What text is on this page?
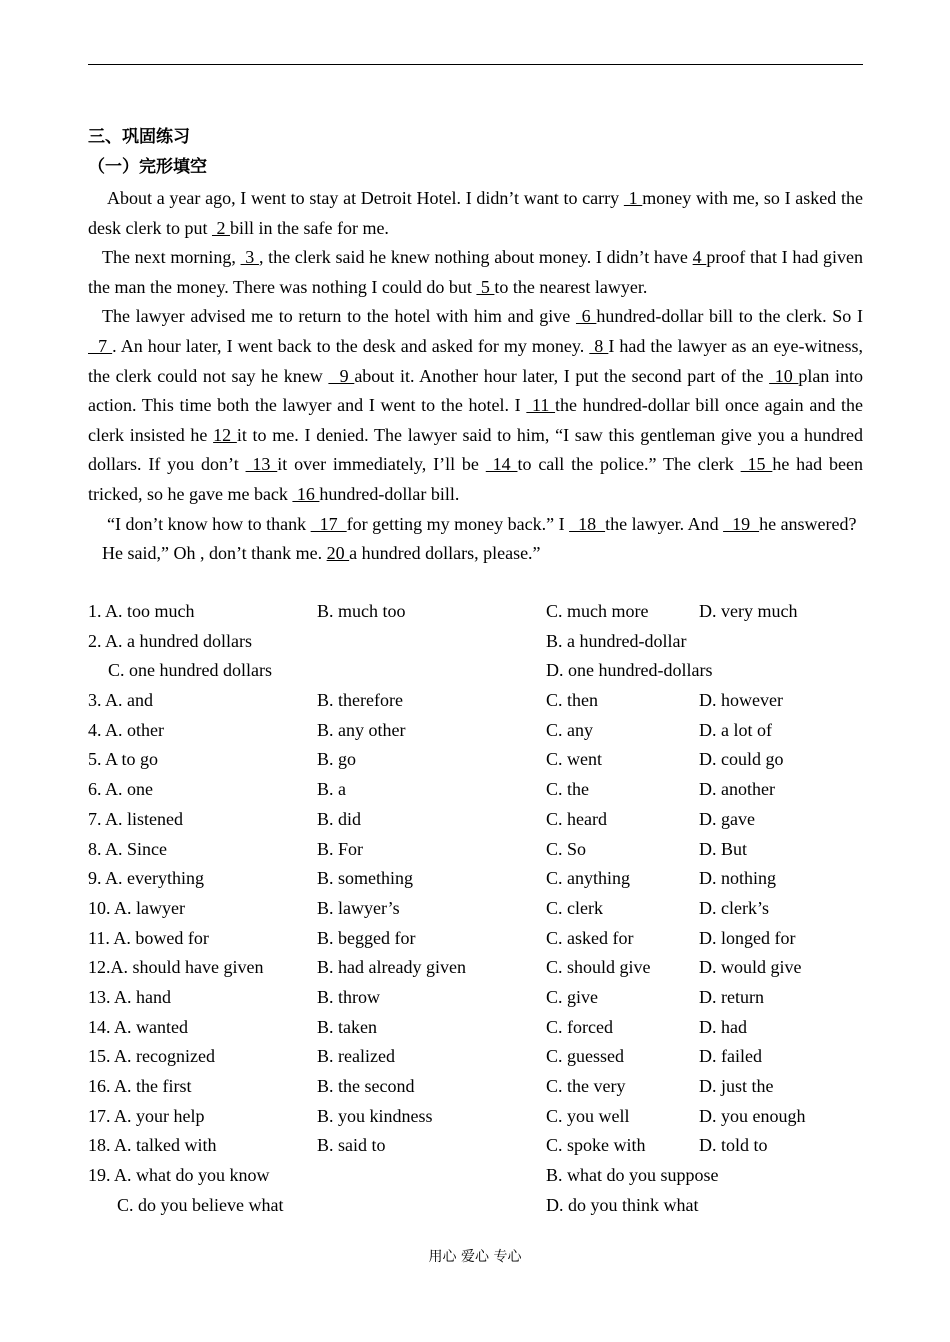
三、巩固练习
（一）完形填空

About a year ago, I went to stay at Detroit Hotel. I didn’t want to carry  1 money with me, so I asked the desk clerk to put  2 bill in the safe for me.

The next morning,  3 , the clerk said he knew nothing about money. I didn’t have 4 proof that I had given the man the money. There was nothing I could do but  5 to the nearest lawyer.

The lawyer advised me to return to the hotel with him and give  6 hundred-dollar bill to the clerk. So I   7 . An hour later, I went back to the desk and asked for my money.  8 I had the lawyer as an eye-witness, the clerk could not say he knew   9 about it. Another hour later, I put the second part of the  10 plan into action. This time both the lawyer and I went to the hotel. I  11 the hundred-dollar bill once again and the clerk insisted he 12 it to me. I denied. The lawyer said to him, “I saw this gentleman give you a hundred dollars. If you don’t  13 it over immediately, I’ll be  14 to call the police.” The clerk  15 he had been tricked, so he gave me back  16 hundred-dollar bill.

“I don’t know how to thank   17  for getting my money back.” I   18  the lawyer. And   19  he answered?

He said,” Oh , don’t thank me. 20 a hundred dollars, please.”

1. A. too much	B. much too	C. much more	D. very much
2. A. a hundred dollars	B. a hundred-dollar
C. one hundred dollars	D. one hundred-dollars
3. A. and	B. therefore	C. then	D. however
4. A. other	B. any other	C. any	D. a lot of
5. A to go	B. go	C. went	D. could go
6. A. one	B. a	C. the	D. another
7. A. listened	B. did	C. heard	D. gave
8. A. Since	B. For	C. So	D. But
9. A. everything	B. something	C. anything	D. nothing
10. A. lawyer	B. lawyer’s	C. clerk	D. clerk’s
11. A. bowed for	B. begged for	C. asked for	D. longed for
12.A. should have given	B. had already given	C. should give	D. would give
13. A. hand	B. throw	C. give	D. return
14. A. wanted	B. taken	C. forced	D. had
15. A. recognized	B. realized	C. guessed	D. failed
16. A. the first	B. the second	C. the very	D. just the
17. A. your help	B. you kindness	C. you well	D. you enough
18. A. talked with	B. said to	C. spoke with	D. told to
19. A. what do you know	B. what do you suppose
C. do you believe what	D. do you think what
用心 爱心 专心
